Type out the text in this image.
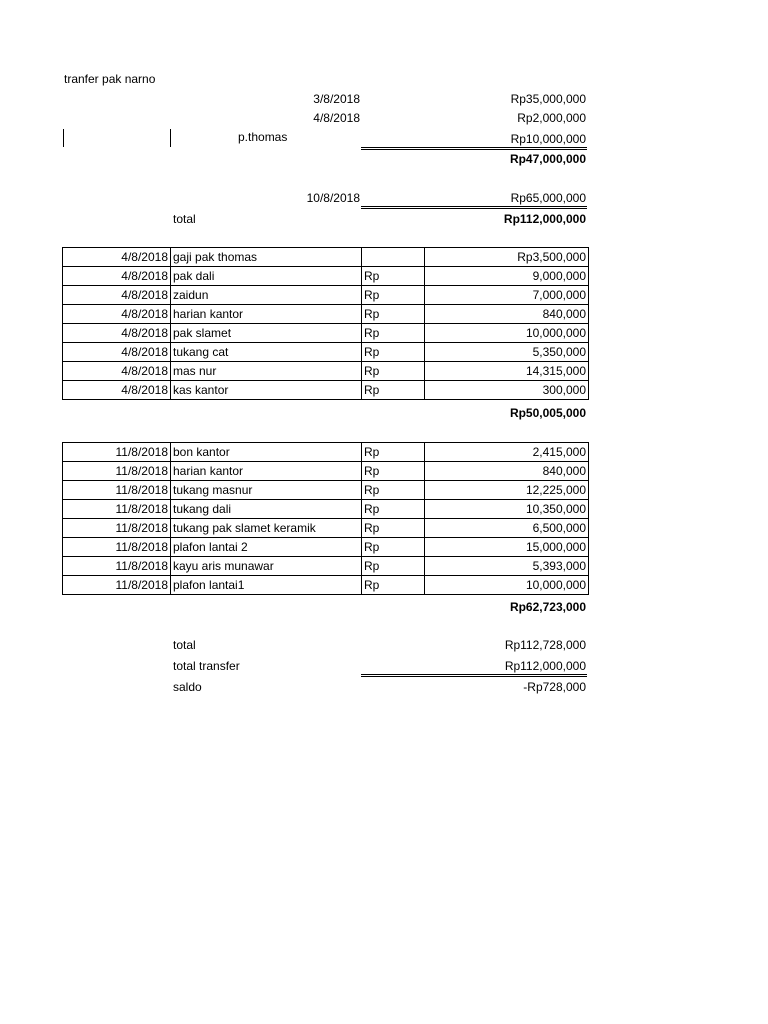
tranfer pak narno
3/8/2018	Rp35,000,000
4/8/2018	Rp2,000,000
p.thomas	Rp10,000,000
Rp47,000,000
10/8/2018	Rp65,000,000
total	Rp112,000,000
4/8/2018	gaji pak thomas		Rp3,500,000
4/8/2018	pak dali	Rp	9,000,000
4/8/2018	zaidun	Rp	7,000,000
4/8/2018	harian kantor	Rp	840,000
4/8/2018	pak slamet	Rp	10,000,000
4/8/2018	tukang cat	Rp	5,350,000
4/8/2018	mas nur	Rp	14,315,000
4/8/2018	kas kantor	Rp	300,000
Rp50,005,000
11/8/2018	bon kantor	Rp	2,415,000
11/8/2018	harian kantor	Rp	840,000
11/8/2018	tukang masnur	Rp	12,225,000
11/8/2018	tukang dali	Rp	10,350,000
11/8/2018	tukang pak slamet keramik	Rp	6,500,000
11/8/2018	plafon lantai 2	Rp	15,000,000
11/8/2018	kayu aris munawar	Rp	5,393,000
11/8/2018	plafon lantai1	Rp	10,000,000
Rp62,723,000
total	Rp112,728,000
total transfer	Rp112,000,000
saldo	-Rp728,000
